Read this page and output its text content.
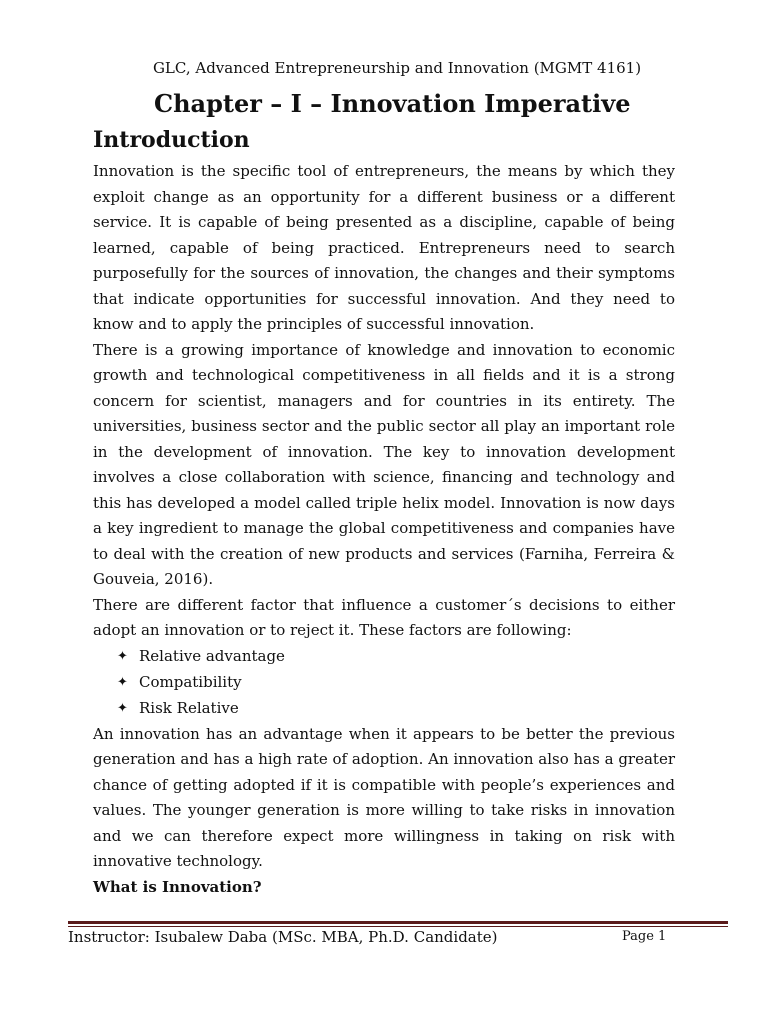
GLC, Advanced Entrepreneurship and Innovation (MGMT 4161)
Chapter – I – Innovation Imperative
Introduction

Innovation is the specific tool of entrepreneurs, the means by which they exploit change as an opportunity for a different business or a different service. It is capable of being presented as a discipline, capable of being learned, capable of being practiced. Entrepreneurs need to search purposefully for the sources of innovation, the changes and their symptoms that indicate opportunities for successful innovation. And they need to know and to apply the principles of successful innovation.

There is a growing importance of knowledge and innovation to economic growth and technological competitiveness in all fields and it is a strong concern for scientist, managers and for countries in its entirety. The universities, business sector and the public sector all play an important role in the development of innovation. The key to innovation development involves a close collaboration with science, financing and technology and this has developed a model called triple helix model. Innovation is now days a key ingredient to manage the global competitiveness and companies have to deal with the creation of new products and services (Farniha, Ferreira & Gouveia, 2016).

There are different factor that influence a customer´s decisions to either adopt an innovation or to reject it. These factors are following:

✦ Relative advantage
✦ Compatibility
✦ Risk Relative

An innovation has an advantage when it appears to be better the previous generation and has a high rate of adoption. An innovation also has a greater chance of getting adopted if it is compatible with people’s experiences and values. The younger generation is more willing to take risks in innovation and we can therefore expect more willingness in taking on risk with innovative technology.

What is Innovation?

Instructor: Isubalew Daba (MSc. MBA, Ph.D. Candidate)	Page 1
